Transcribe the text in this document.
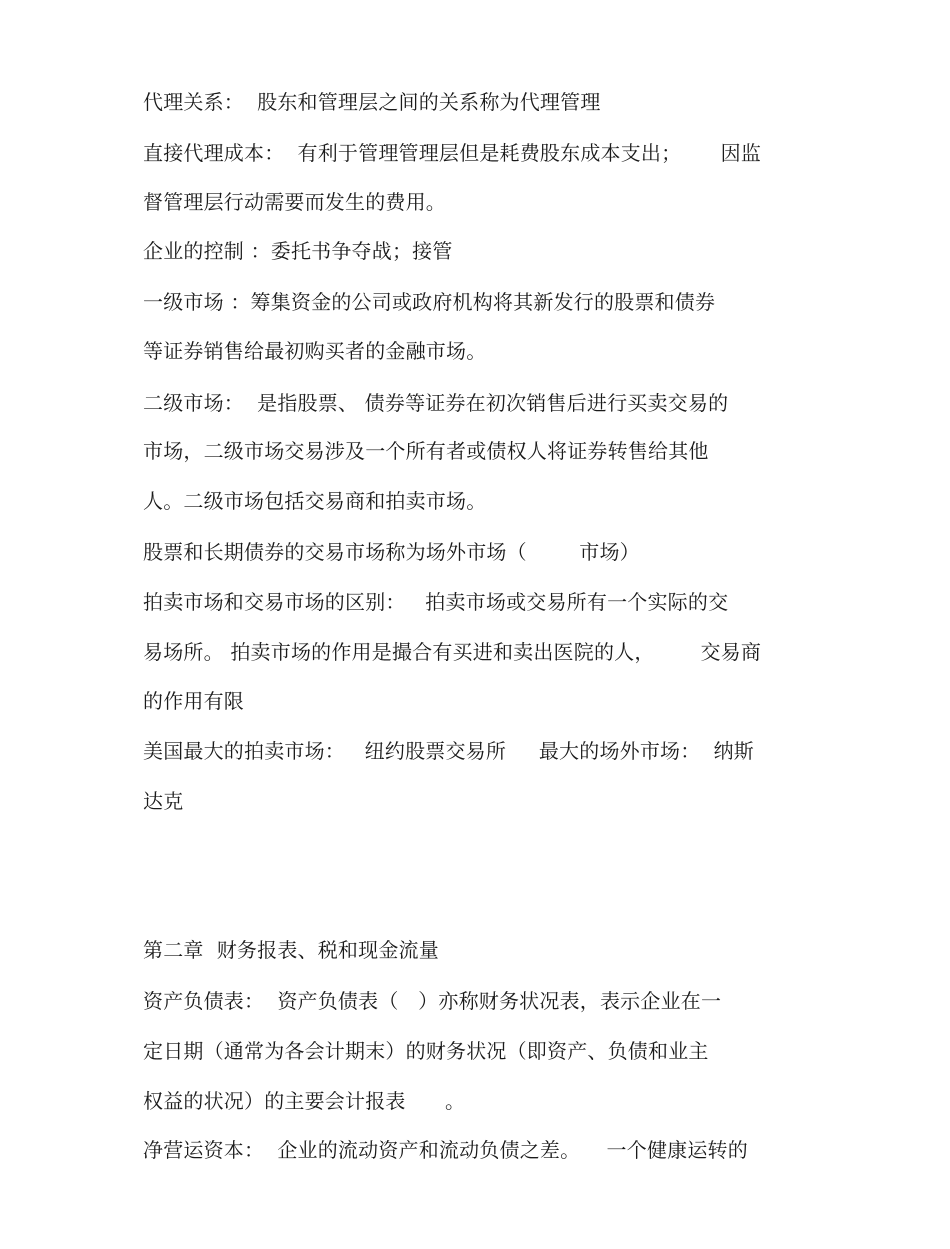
代理关系：  股东和管理层之间的关系称为代理管理
直接代理成本：  有利于管理管理层但是耗费股东成本支出；      因监
督管理层行动需要而发生的费用。
企业的控制 ：委托书争夺战；接管
一级市场 ：筹集资金的公司或政府机构将其新发行的股票和债券
等证券销售给最初购买者的金融市场。
二级市场：  是指股票、 债券等证券在初次销售后进行买卖交易的
市场，二级市场交易涉及一个所有者或债权人将证券转售给其他
人。二级市场包括交易商和拍卖市场。
股票和长期债券的交易市场称为场外市场（        市场）
拍卖市场和交易市场的区别：   拍卖市场或交易所有一个实际的交
易场所。 拍卖市场的作用是撮合有买进和卖出医院的人，       交易商
的作用有限
美国最大的拍卖市场：   纽约股票交易所     最大的场外市场：  纳斯
达克
第二章  财务报表、税和现金流量
资产负债表：  资产负债表（   ）亦称财务状况表，表示企业在一
定日期（通常为各会计期末）的财务状况（即资产、负债和业主
权益的状况）的主要会计报表      。
净营运资本：  企业的流动资产和流动负债之差。    一个健康运转的
